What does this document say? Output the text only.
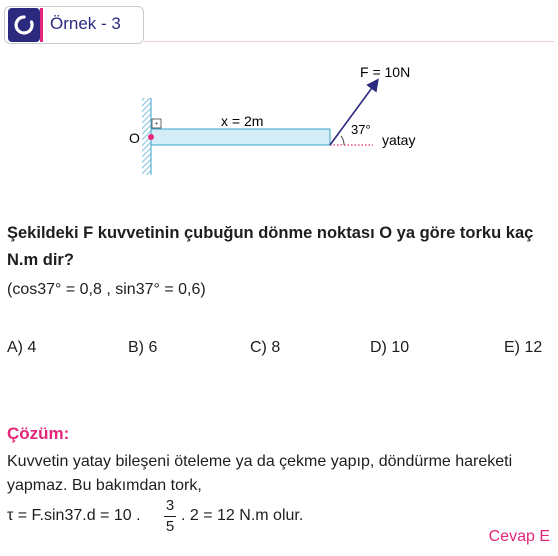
Örnek - 3
O
x = 2m
F = 10N
37°
yatay
Şekildeki F kuvvetinin çubuğun dönme noktası O ya göre torku kaç N.m dir?
(cos37° = 0,8 , sin37° = 0,6)
A) 4	B) 6	C) 8	D) 10	E) 12
Çözüm:
Kuvvetin yatay bileşeni öteleme ya da çekme yapıp, döndürme hareketi yapmaz. Bu bakımdan tork,
τ = F.sin37.d = 10 .
3
5
. 2 = 12 N.m olur.
Cevap E
